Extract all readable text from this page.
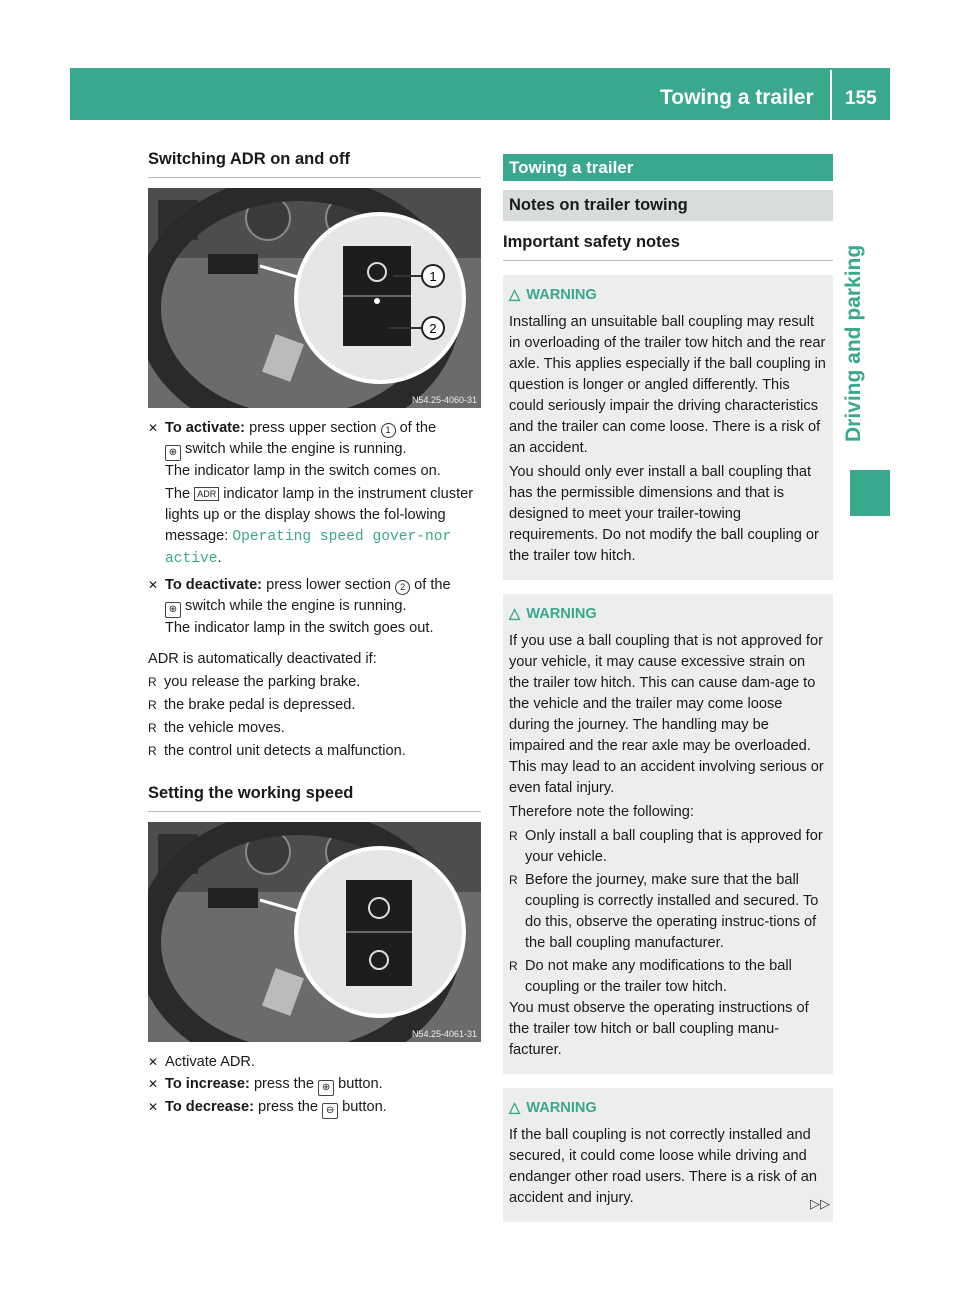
Towing a trailer 155
Driving and parking
Switching ADR on and off
1
2
N54.25-4060-31
✕ To activate: press upper section 1 of the
⊕ switch while the engine is running.
The indicator lamp in the switch comes on.
The ADR indicator lamp in the instrument cluster lights up or the display shows the fol-lowing message: Operating speed gover‐nor active.
✕ To deactivate: press lower section 2 of the
⊕ switch while the engine is running.
The indicator lamp in the switch goes out.

ADR is automatically deactivated if:

R you release the parking brake.
R the brake pedal is depressed.
R the vehicle moves.
R the control unit detects a malfunction.
Setting the working speed
N54.25-4061-31
✕ Activate ADR.
✕ To increase: press the ⊕ button.
✕ To decrease: press the ⊖ button.
Towing a trailer
Notes on trailer towing
Important safety notes
△ WARNING

Installing an unsuitable ball coupling may result in overloading of the trailer tow hitch and the rear axle. This applies especially if the ball coupling in question is longer or angled differently. This could seriously impair the driving characteristics and the trailer can come loose. There is a risk of an accident.

You should only ever install a ball coupling that has the permissible dimensions and that is designed to meet your trailer-towing requirements. Do not modify the ball coupling or the trailer tow hitch.

△ WARNING

If you use a ball coupling that is not approved for your vehicle, it may cause excessive strain on the trailer tow hitch. This can cause dam-age to the vehicle and the trailer may come loose during the journey. The handling may be impaired and the rear axle may be overloaded. This may lead to an accident involving serious or even fatal injury.

Therefore note the following:

R Only install a ball coupling that is approved for your vehicle.
R Before the journey, make sure that the ball coupling is correctly installed and secured. To do this, observe the operating instruc-tions of the ball coupling manufacturer.
R Do not make any modifications to the ball coupling or the trailer tow hitch.

You must observe the operating instructions of the trailer tow hitch or ball coupling manu-facturer.

△ WARNING

If the ball coupling is not correctly installed and secured, it could come loose while driving and endanger other road users. There is a risk of an accident and injury.	▷▷
